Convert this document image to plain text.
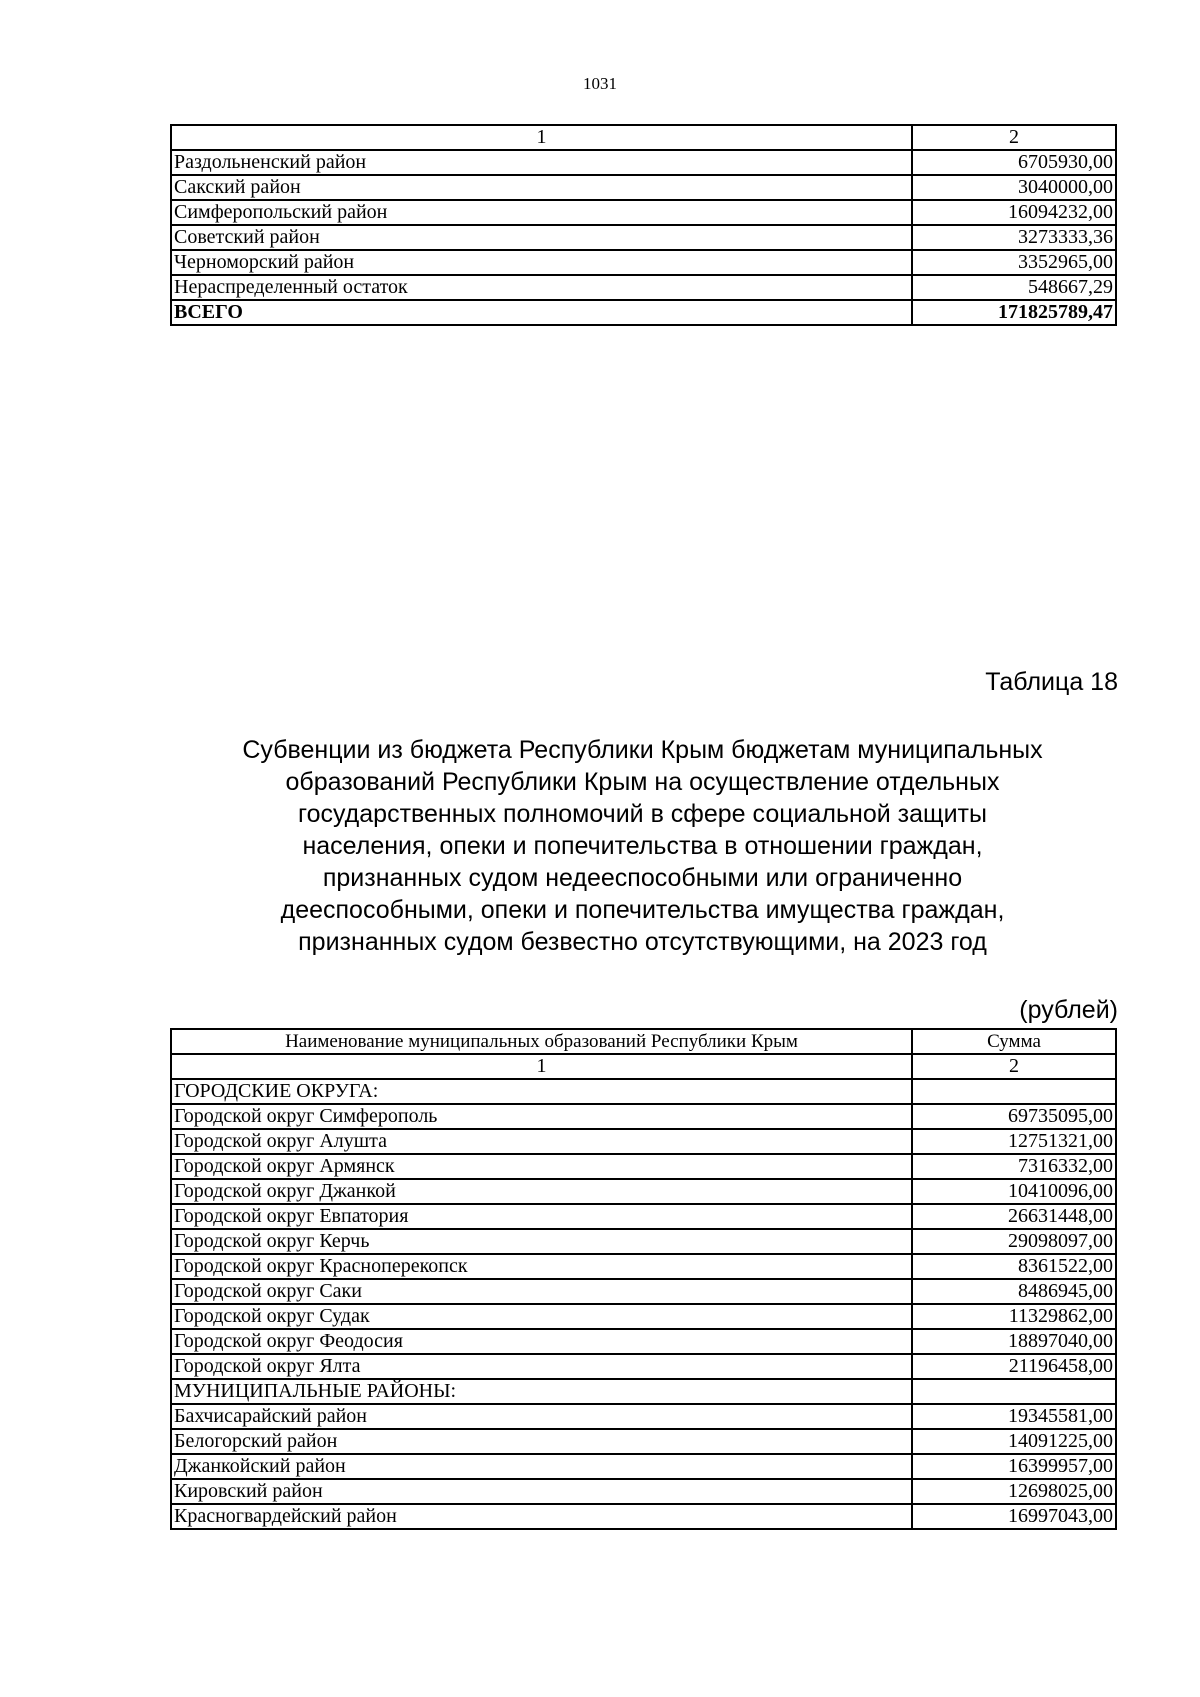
1031
1	2
Раздольненский район	6705930,00
Сакский район	3040000,00
Симферопольский район	16094232,00
Советский район	3273333,36
Черноморский район	3352965,00
Нераспределенный остаток	548667,29
ВСЕГО	171825789,47
Таблица 18
Субвенции из бюджета Республики Крым бюджетам муниципальных
образований Республики Крым на осуществление отдельных
государственных полномочий в сфере социальной защиты
населения, опеки и попечительства в отношении граждан,
признанных судом недееспособными или ограниченно
дееспособными, опеки и попечительства имущества граждан,
признанных судом безвестно отсутствующими, на 2023 год
(рублей)
Наименование муниципальных образований Республики Крым	Сумма
1	2
ГОРОДСКИЕ ОКРУГА:	
Городской округ Симферополь	69735095,00
Городской округ Алушта	12751321,00
Городской округ Армянск	7316332,00
Городской округ Джанкой	10410096,00
Городской округ Евпатория	26631448,00
Городской округ Керчь	29098097,00
Городской округ Красноперекопск	8361522,00
Городской округ Саки	8486945,00
Городской округ Судак	11329862,00
Городской округ Феодосия	18897040,00
Городской округ Ялта	21196458,00
МУНИЦИПАЛЬНЫЕ РАЙОНЫ:	
Бахчисарайский район	19345581,00
Белогорский район	14091225,00
Джанкойский район	16399957,00
Кировский район	12698025,00
Красногвардейский район	16997043,00
